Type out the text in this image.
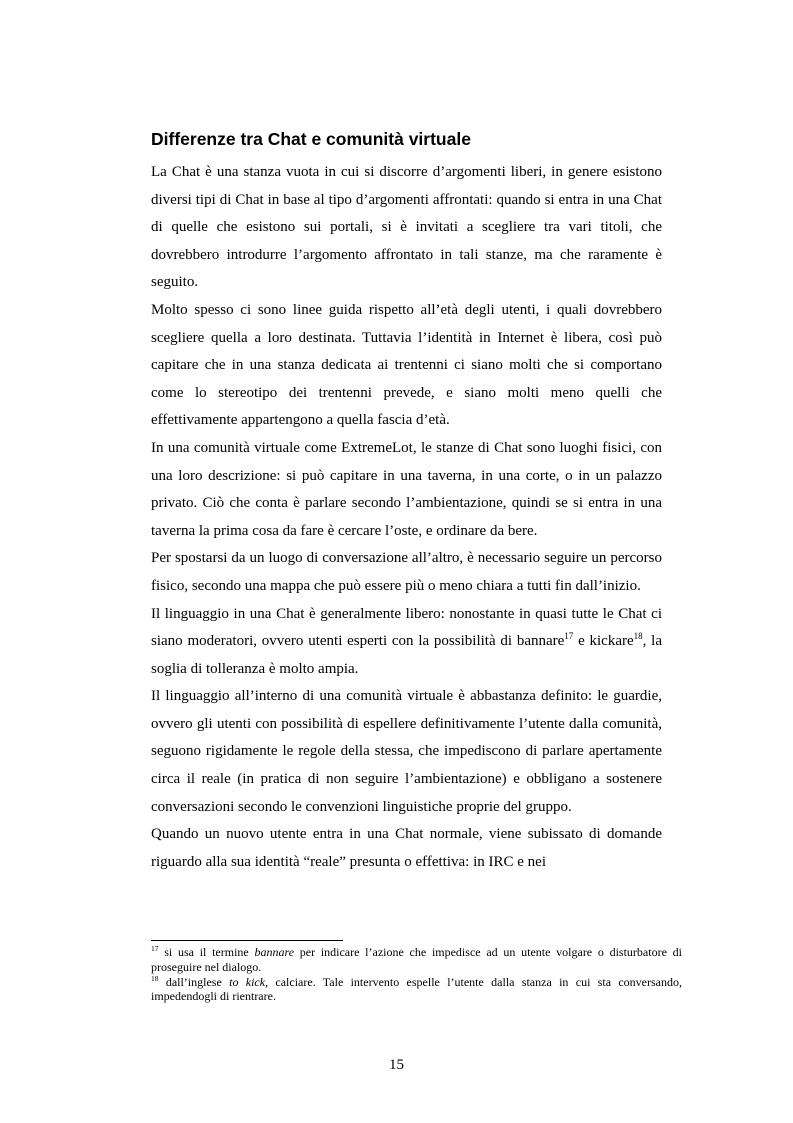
Differenze tra Chat e comunità virtuale

La Chat è una stanza vuota in cui si discorre d’argomenti liberi, in genere esistono diversi tipi di Chat in base al tipo d’argomenti affrontati: quando si entra in una Chat di quelle che esistono sui portali, si è invitati a scegliere tra vari titoli, che dovrebbero introdurre l’argomento affrontato in tali stanze, ma che raramente è seguito.

Molto spesso ci sono linee guida rispetto all’età degli utenti, i quali dovrebbero scegliere quella a loro destinata. Tuttavia l’identità in Internet è libera, così può capitare che in una stanza dedicata ai trentenni ci siano molti che si comportano come lo stereotipo dei trentenni prevede, e siano molti meno quelli che effettivamente appartengono a quella fascia d’età.

In una comunità virtuale come ExtremeLot, le stanze di Chat sono luoghi fisici, con una loro descrizione: si può capitare in una taverna, in una corte, o in un palazzo privato. Ciò che conta è parlare secondo l’ambientazione, quindi se si entra in una taverna la prima cosa da fare è cercare l’oste, e ordinare da bere.

Per spostarsi da un luogo di conversazione all’altro, è necessario seguire un percorso fisico, secondo una mappa che può essere più o meno chiara a tutti fin dall’inizio.

Il linguaggio in una Chat è generalmente libero: nonostante in quasi tutte le Chat ci siano moderatori, ovvero utenti esperti con la possibilità di bannare$^{17}$ e kickare$^{18}$, la soglia di tolleranza è molto ampia.

Il linguaggio all’interno di una comunità virtuale è abbastanza definito: le guardie, ovvero gli utenti con possibilità di espellere definitivamente l’utente dalla comunità, seguono rigidamente le regole della stessa, che impediscono di parlare apertamente circa il reale (in pratica di non seguire l’ambientazione) e obbligano a sostenere conversazioni secondo le convenzioni linguistiche proprie del gruppo.

Quando un nuovo utente entra in una Chat normale, viene subissato di domande riguardo alla sua identità “reale” presunta o effettiva: in IRC e nei

$^{17}$ si usa il termine bannare per indicare l’azione che impedisce ad un utente volgare o disturbatore di proseguire nel dialogo.

$^{18}$ dall’inglese to kick, calciare. Tale intervento espelle l’utente dalla stanza in cui sta conversando, impedendogli di rientrare.

15
